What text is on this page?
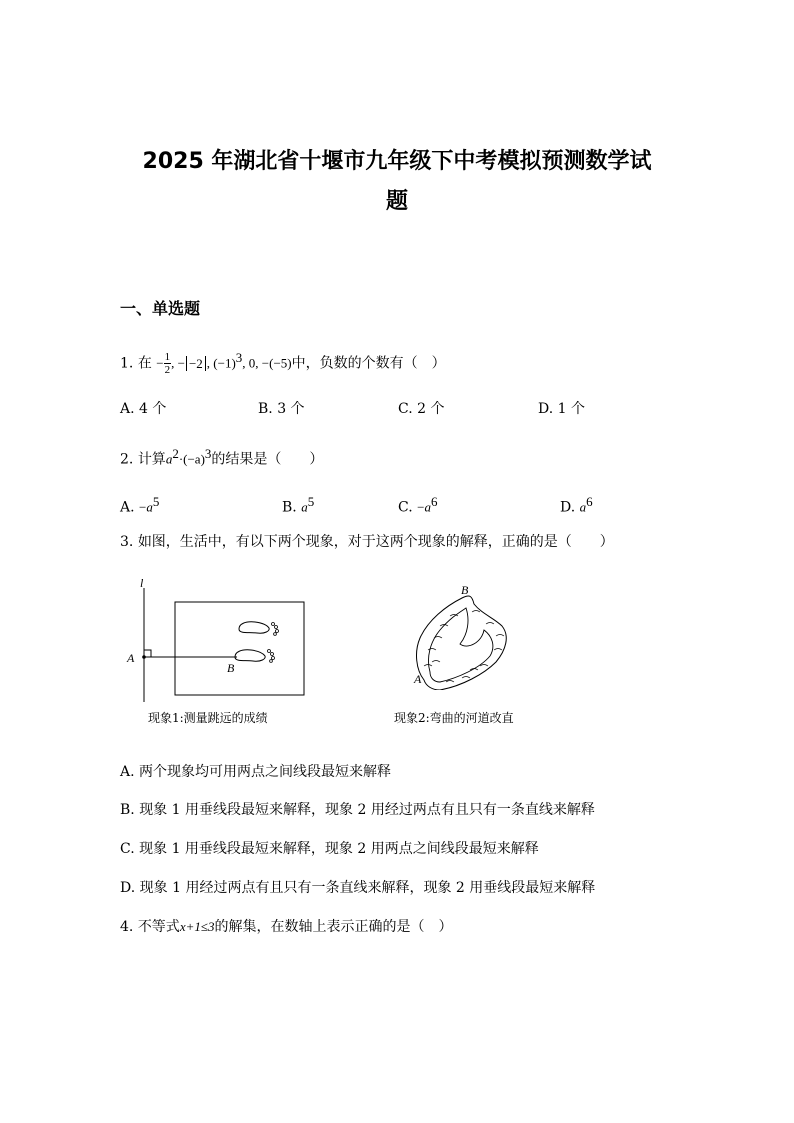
2025 年湖北省十堰市九年级下中考模拟预测数学试
题
一、单选题
1. 在 − $\frac{1}{2}$ , − −2 , $(-1)^3$, 0, −(−5)中，负数的个数有（　）
A. 4 个	B. 3 个	C. 2 个	D. 1 个
2. 计算$a^2\cdot(-a)^3$的结果是（　　）
A. $-a^5$	B. $a^5$	C. $-a^6$	D. $a^6$
3. 如图，生活中，有以下两个现象，对于这两个现象的解释，正确的是（　　）
l
A
B
现象1:测量跳远的成绩
B
A
现象2:弯曲的河道改直
A. 两个现象均可用两点之间线段最短来解释
B. 现象 1 用垂线段最短来解释，现象 2 用经过两点有且只有一条直线来解释
C. 现象 1 用垂线段最短来解释，现象 2 用两点之间线段最短来解释
D. 现象 1 用经过两点有且只有一条直线来解释，现象 2 用垂线段最短来解释
4. 不等式x+1≤3的解集，在数轴上表示正确的是（　）
